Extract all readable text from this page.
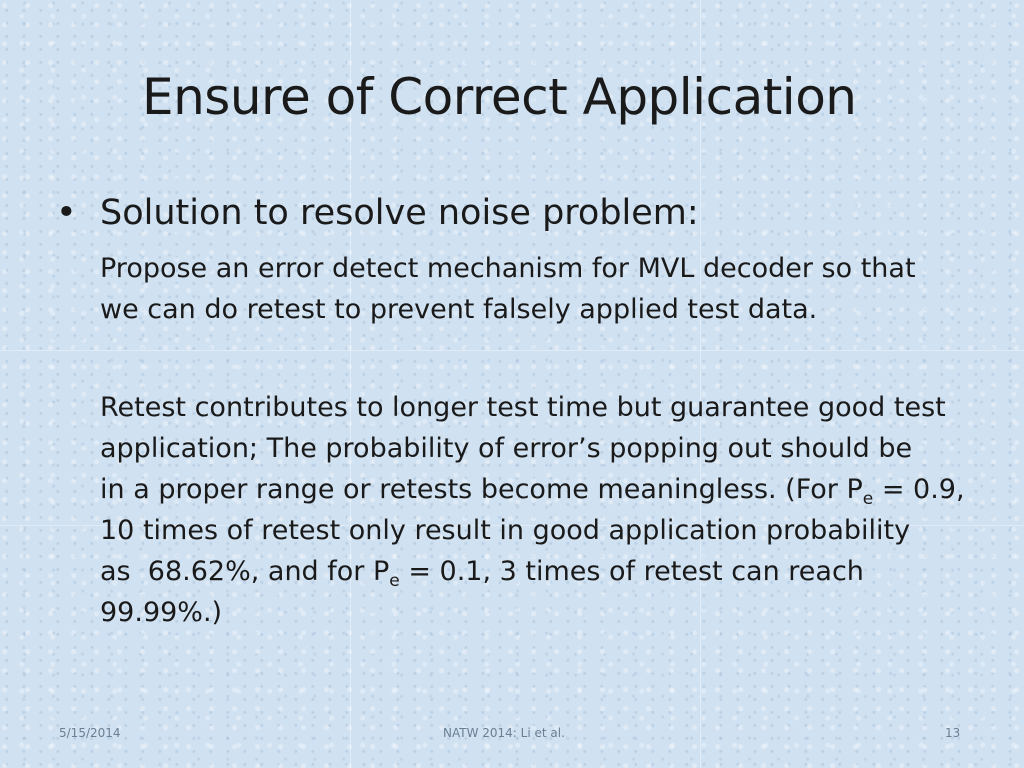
Ensure of Correct Application
• Solution to resolve noise problem:
Propose an error detect mechanism for MVL decoder so that
we can do retest to prevent falsely applied test data.
Retest contributes to longer test time but guarantee good test
application; The probability of error’s popping out should be
in a proper range or retests become meaningless. (For $P_e = 0.9$,
10 times of retest only result in good application probability
as  68.62%, and for $P_e = 0.1$, 3 times of retest can reach
99.99%.)
5/15/2014	NATW 2014: Li et al.	13
